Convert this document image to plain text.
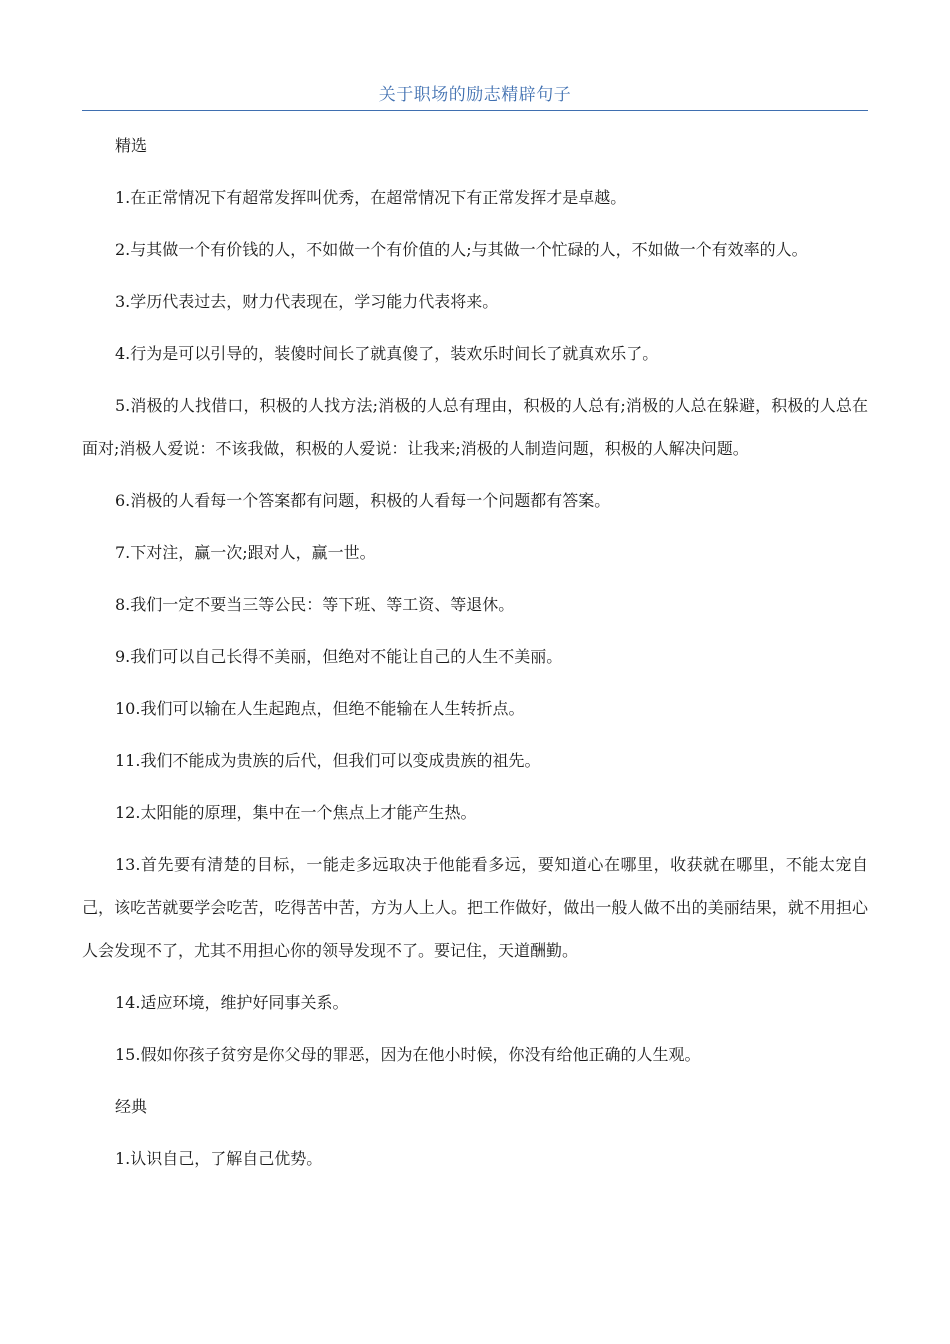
关于职场的励志精辟句子

精选

1.在正常情况下有超常发挥叫优秀，在超常情况下有正常发挥才是卓越。

2.与其做一个有价钱的人，不如做一个有价值的人;与其做一个忙碌的人，不如做一个有效率的人。

3.学历代表过去，财力代表现在，学习能力代表将来。

4.行为是可以引导的，装傻时间长了就真傻了，装欢乐时间长了就真欢乐了。

5.消极的人找借口，积极的人找方法;消极的人总有理由，积极的人总有;消极的人总在躲避，积极的人总在面对;消极人爱说：不该我做，积极的人爱说：让我来;消极的人制造问题，积极的人解决问题。

6.消极的人看每一个答案都有问题，积极的人看每一个问题都有答案。

7.下对注，赢一次;跟对人，赢一世。

8.我们一定不要当三等公民：等下班、等工资、等退休。

9.我们可以自己长得不美丽，但绝对不能让自己的人生不美丽。

10.我们可以输在人生起跑点，但绝不能输在人生转折点。

11.我们不能成为贵族的后代，但我们可以变成贵族的祖先。

12.太阳能的原理，集中在一个焦点上才能产生热。

13.首先要有清楚的目标，一能走多远取决于他能看多远，要知道心在哪里，收获就在哪里，不能太宠自己，该吃苦就要学会吃苦，吃得苦中苦，方为人上人。把工作做好，做出一般人做不出的美丽结果，就不用担心人会发现不了，尤其不用担心你的领导发现不了。要记住，天道酬勤。

14.适应环境，维护好同事关系。

15.假如你孩子贫穷是你父母的罪恶，因为在他小时候，你没有给他正确的人生观。

经典

1.认识自己，了解自己优势。
